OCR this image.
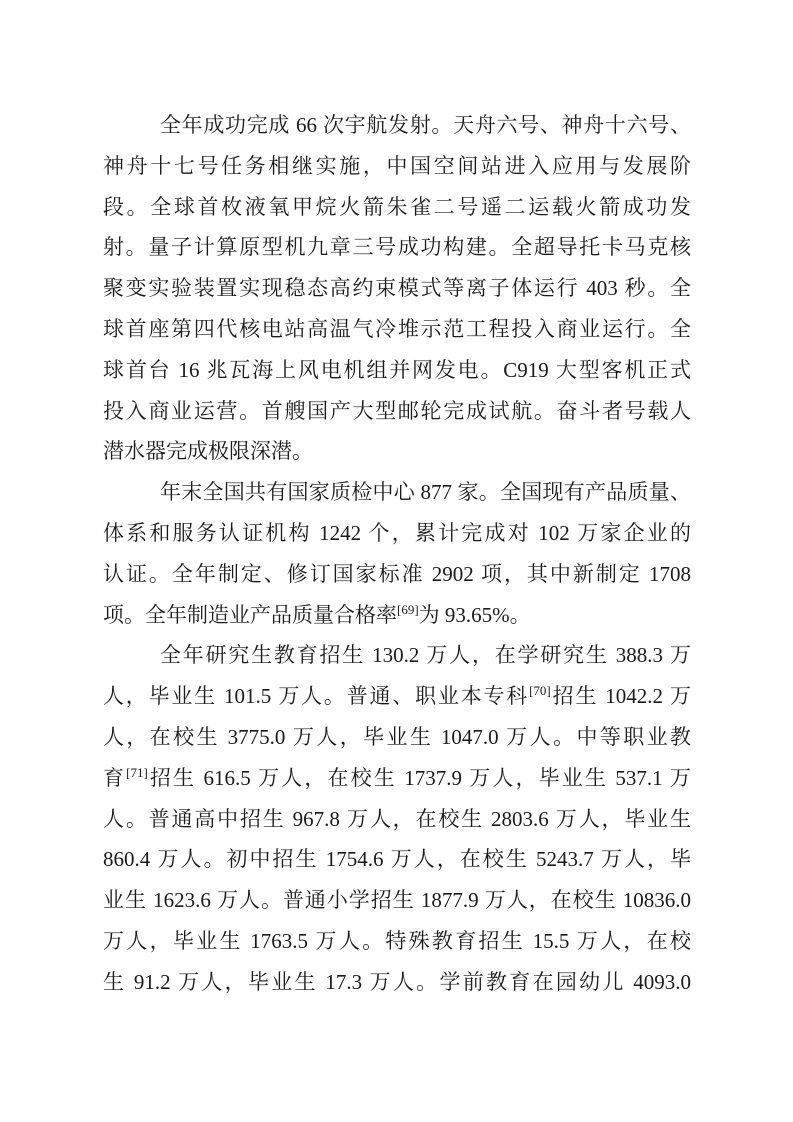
全年成功完成 66 次宇航发射。天舟六号、神舟十六号、
神舟十七号任务相继实施，中国空间站进入应用与发展阶
段。全球首枚液氧甲烷火箭朱雀二号遥二运载火箭成功发
射。量子计算原型机九章三号成功构建。全超导托卡马克核
聚变实验装置实现稳态高约束模式等离子体运行 403 秒。全
球首座第四代核电站高温气冷堆示范工程投入商业运行。全
球首台 16 兆瓦海上风电机组并网发电。C919 大型客机正式
投入商业运营。首艘国产大型邮轮完成试航。奋斗者号载人
潜水器完成极限深潜。
年末全国共有国家质检中心 877 家。全国现有产品质量、
体系和服务认证机构 1242 个，累计完成对 102 万家企业的
认证。全年制定、修订国家标准 2902 项，其中新制定 1708
项。全年制造业产品质量合格率[69]为 93.65%。
全年研究生教育招生 130.2 万人，在学研究生 388.3 万
人，毕业生 101.5 万人。普通、职业本专科[70]招生 1042.2 万
人，在校生 3775.0 万人，毕业生 1047.0 万人。中等职业教
育[71]招生 616.5 万人，在校生 1737.9 万人，毕业生 537.1 万
人。普通高中招生 967.8 万人，在校生 2803.6 万人，毕业生
860.4 万人。初中招生 1754.6 万人，在校生 5243.7 万人，毕
业生 1623.6 万人。普通小学招生 1877.9 万人，在校生 10836.0
万人，毕业生 1763.5 万人。特殊教育招生 15.5 万人，在校
生 91.2 万人，毕业生 17.3 万人。学前教育在园幼儿 4093.0
